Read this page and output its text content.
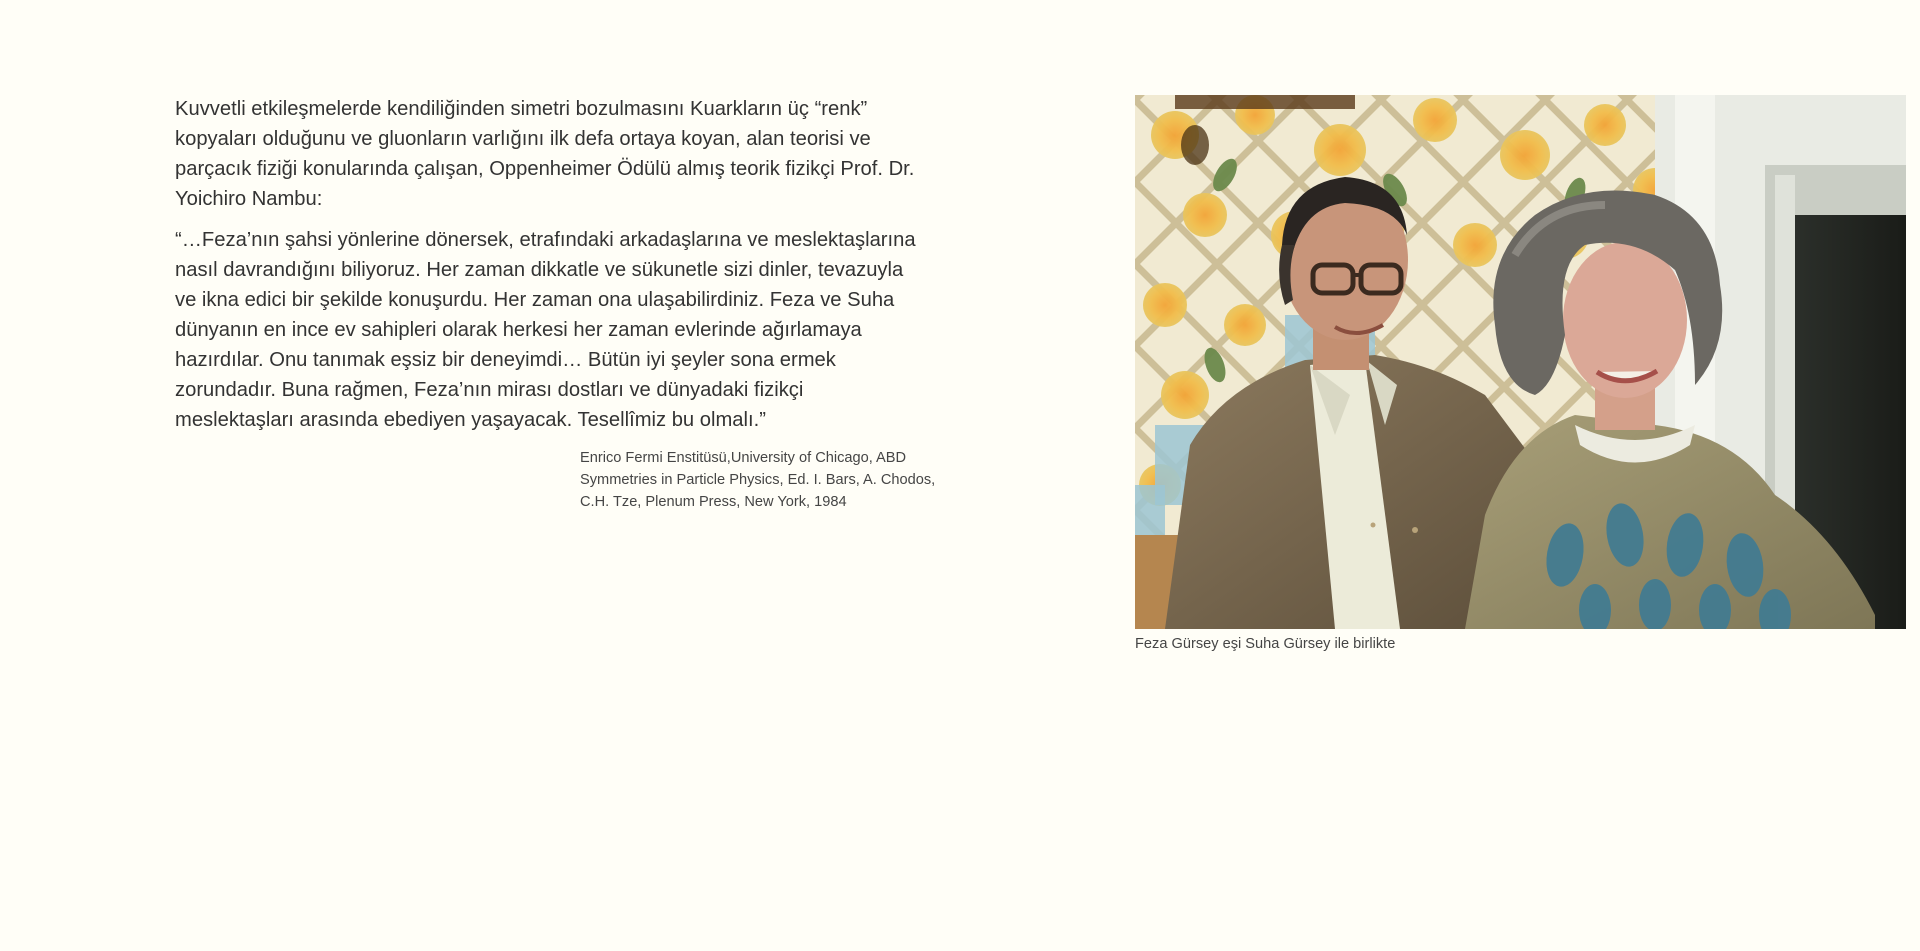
Kuvvetli etkileşmelerde kendiliğinden simetri bozulmasını Kuarkların üç “renk”
kopyaları olduğunu ve gluonların varlığını ilk defa ortaya koyan, alan teorisi ve
parçacık fiziği konularında çalışan, Oppenheimer Ödülü almış teorik fizikçi Prof. Dr.
Yoichiro Nambu:

“…Feza’nın şahsi yönlerine dönersek, etrafındaki arkadaşlarına ve meslektaşlarına
nasıl davrandığını biliyoruz. Her zaman dikkatle ve sükunetle sizi dinler, tevazuyla
ve ikna edici bir şekilde konuşurdu. Her zaman ona ulaşabilirdiniz. Feza ve Suha
dünyanın en ince ev sahipleri olarak herkesi her zaman evlerinde ağırlamaya
hazırdılar. Onu tanımak eşsiz bir deneyimdi… Bütün iyi şeyler sona ermek
zorundadır. Buna rağmen, Feza’nın mirası dostları ve dünyadaki fizikçi
meslektaşları arasında ebediyen yaşayacak. Tesellîmiz bu olmalı.”

Enrico Fermi Enstitüsü,University of Chicago, ABD
Symmetries in Particle Physics, Ed. I. Bars, A. Chodos,
C.H. Tze, Plenum Press, New York, 1984
Feza Gürsey eşi Suha Gürsey ile birlikte
